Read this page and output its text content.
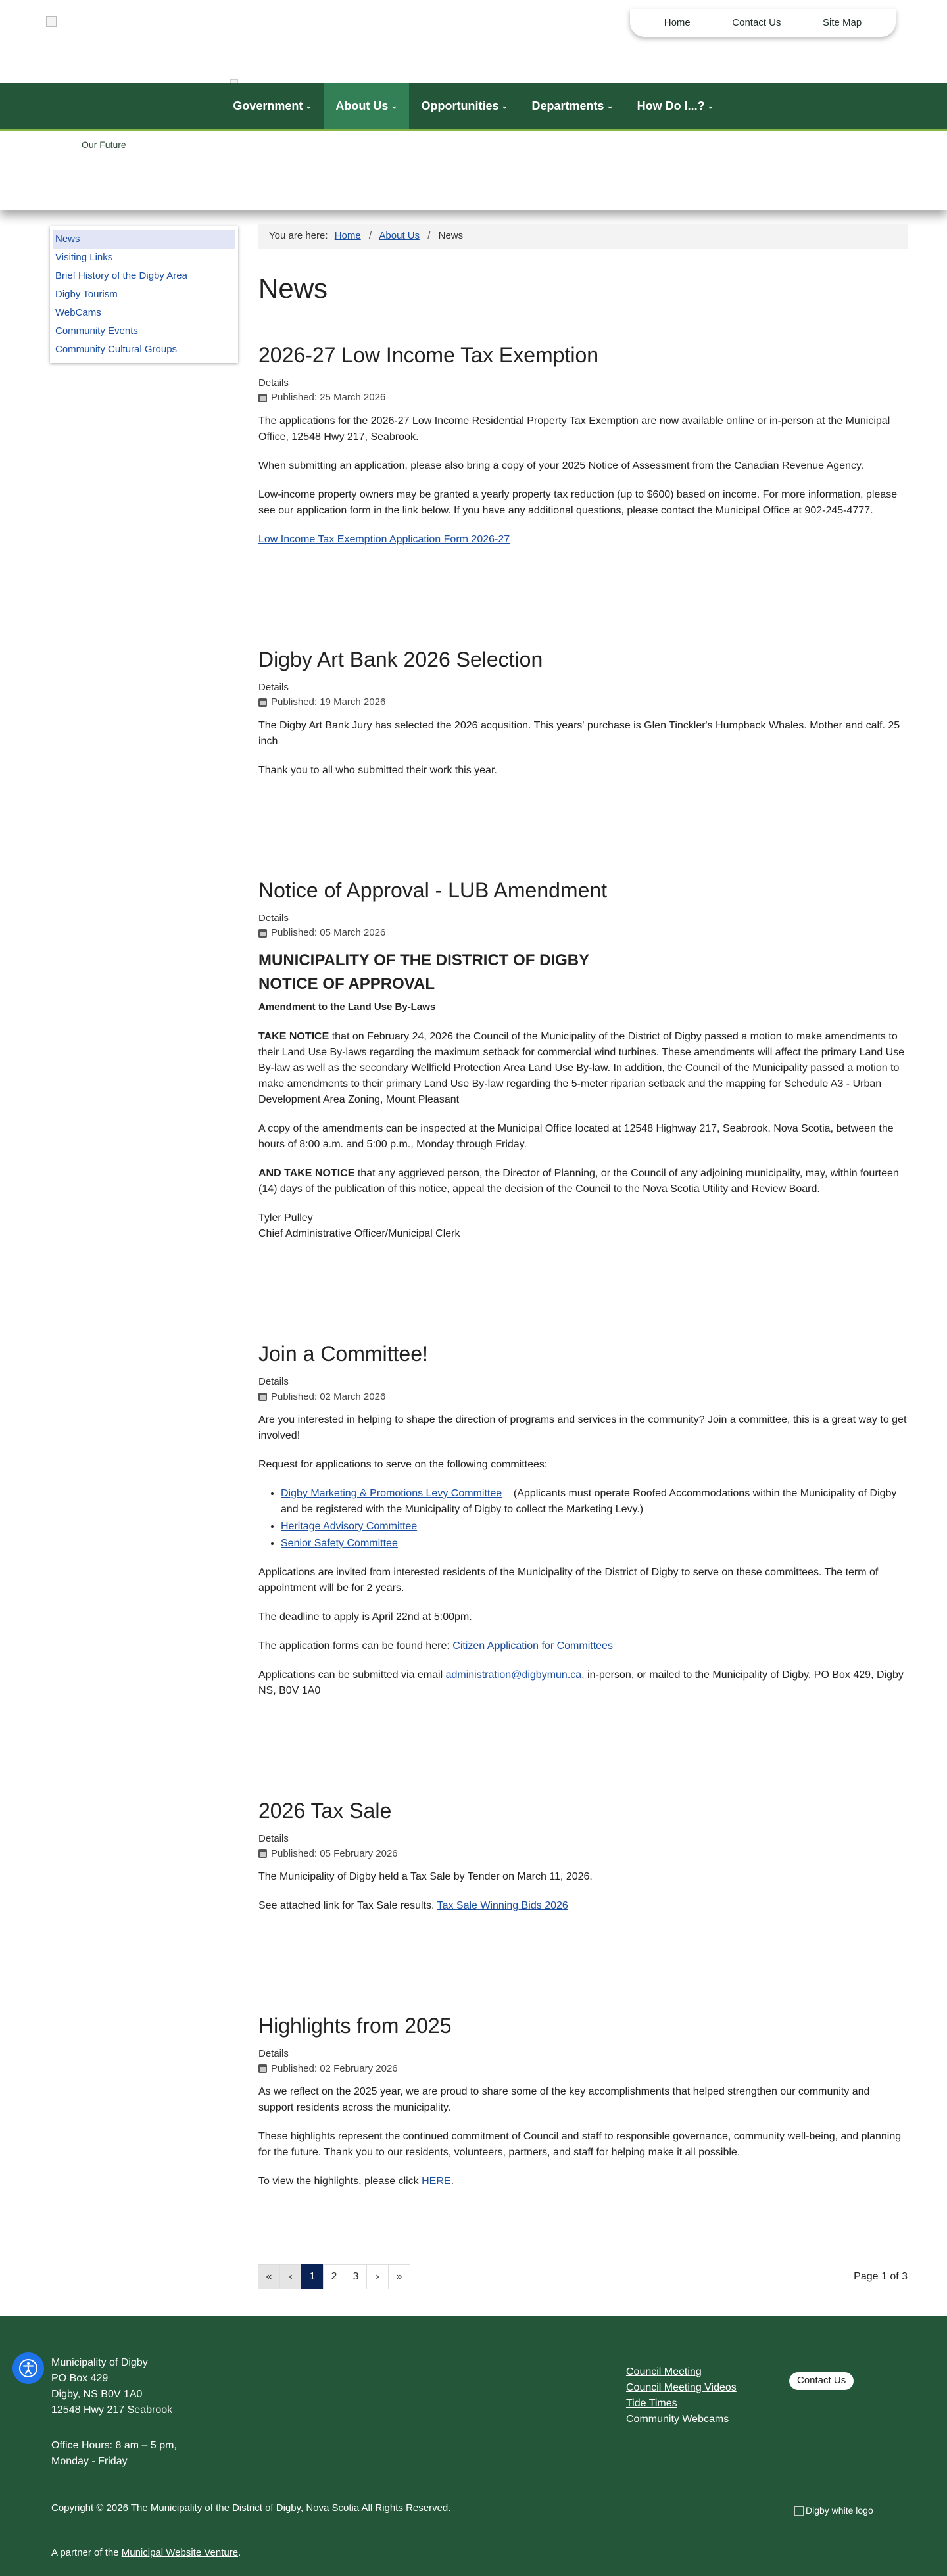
Our Future
Home	Contact Us	Site Map
Government ⌄ About Us ⌄ Opportunities ⌄ Departments ⌄ How Do I...? ⌄
News
Visiting Links
Brief History of the Digby Area
Digby Tourism
WebCams
Community Events
Community Cultural Groups
You are here: Home / About Us / News
News
2026-27 Low Income Tax Exemption
Details
Published: 25 March 2026

The applications for the 2026-27 Low Income Residential Property Tax Exemption are now available online or in-person at the Municipal Office, 12548 Hwy 217, Seabrook.

When submitting an application, please also bring a copy of your 2025 Notice of Assessment from the Canadian Revenue Agency.

Low-income property owners may be granted a yearly property tax reduction (up to $600) based on income. For more information, please see our application form in the link below. If you have any additional questions, please contact the Municipal Office at 902-245-4777.

Low Income Tax Exemption Application Form 2026-27

Digby Art Bank 2026 Selection
Details
Published: 19 March 2026

The Digby Art Bank Jury has selected the 2026 acqusition. This years' purchase is Glen Tinckler's Humpback Whales. Mother and calf. 25 inch

Thank you to all who submitted their work this year.

Notice of Approval - LUB Amendment
Details
Published: 05 March 2026
MUNICIPALITY OF THE DISTRICT OF DIGBY
NOTICE OF APPROVAL
Amendment to the Land Use By-Laws

TAKE NOTICE that on February 24, 2026 the Council of the Municipality of the District of Digby passed a motion to make amendments to their Land Use By-laws regarding the maximum setback for commercial wind turbines. These amendments will affect the primary Land Use By-law as well as the secondary Wellfield Protection Area Land Use By-law. In addition, the Council of the Municipality passed a motion to make amendments to their primary Land Use By-law regarding the 5-meter riparian setback and the mapping for Schedule A3 - Urban Development Area Zoning, Mount Pleasant

A copy of the amendments can be inspected at the Municipal Office located at 12548 Highway 217, Seabrook, Nova Scotia, between the hours of 8:00 a.m. and 5:00 p.m., Monday through Friday.

AND TAKE NOTICE that any aggrieved person, the Director of Planning, or the Council of any adjoining municipality, may, within fourteen (14) days of the publication of this notice, appeal the decision of the Council to the Nova Scotia Utility and Review Board.

Tyler Pulley
Chief Administrative Officer/Municipal Clerk

Join a Committee!
Details
Published: 02 March 2026

Are you interested in helping to shape the direction of programs and services in the community? Join a committee, this is a great way to get involved!

Request for applications to serve on the following committees:

• Digby Marketing & Promotions Levy Committee    (Applicants must operate Roofed Accommodations within the Municipality of Digby and be registered with the Municipality of Digby to collect the Marketing Levy.)
• Heritage Advisory Committee
• Senior Safety Committee

Applications are invited from interested residents of the Municipality of the District of Digby to serve on these committees. The term of appointment will be for 2 years.

The deadline to apply is April 22nd at 5:00pm.

The application forms can be found here: Citizen Application for Committees

Applications can be submitted via email administration@digbymun.ca, in-person, or mailed to the Municipality of Digby, PO Box 429, Digby NS, B0V 1A0

2026 Tax Sale
Details
Published: 05 February 2026

The Municipality of Digby held a Tax Sale by Tender on March 11, 2026.

See attached link for Tax Sale results. Tax Sale Winning Bids 2026

Highlights from 2025
Details
Published: 02 February 2026

As we reflect on the 2025 year, we are proud to share some of the key accomplishments that helped strengthen our community and support residents across the municipality.

These highlights represent the continued commitment of Council and staff to responsible governance, community well-being, and planning for the future. Thank you to our residents, volunteers, partners, and staff for helping make it all possible.

To view the highlights, please click HERE.

«	‹	1	2	3	›	»	Page 1 of 3
Municipality of Digby
PO Box 429
Digby, NS B0V 1A0
12548 Hwy 217 Seabrook
Office Hours: 8 am – 5 pm,
Monday - Friday
Council Meeting
Council Meeting Videos
Tide Times
Community Webcams
Contact Us
Copyright © 2026 The Municipality of the District of Digby, Nova Scotia All Rights Reserved.	Digby white logo
A partner of the Municipal Website Venture.
